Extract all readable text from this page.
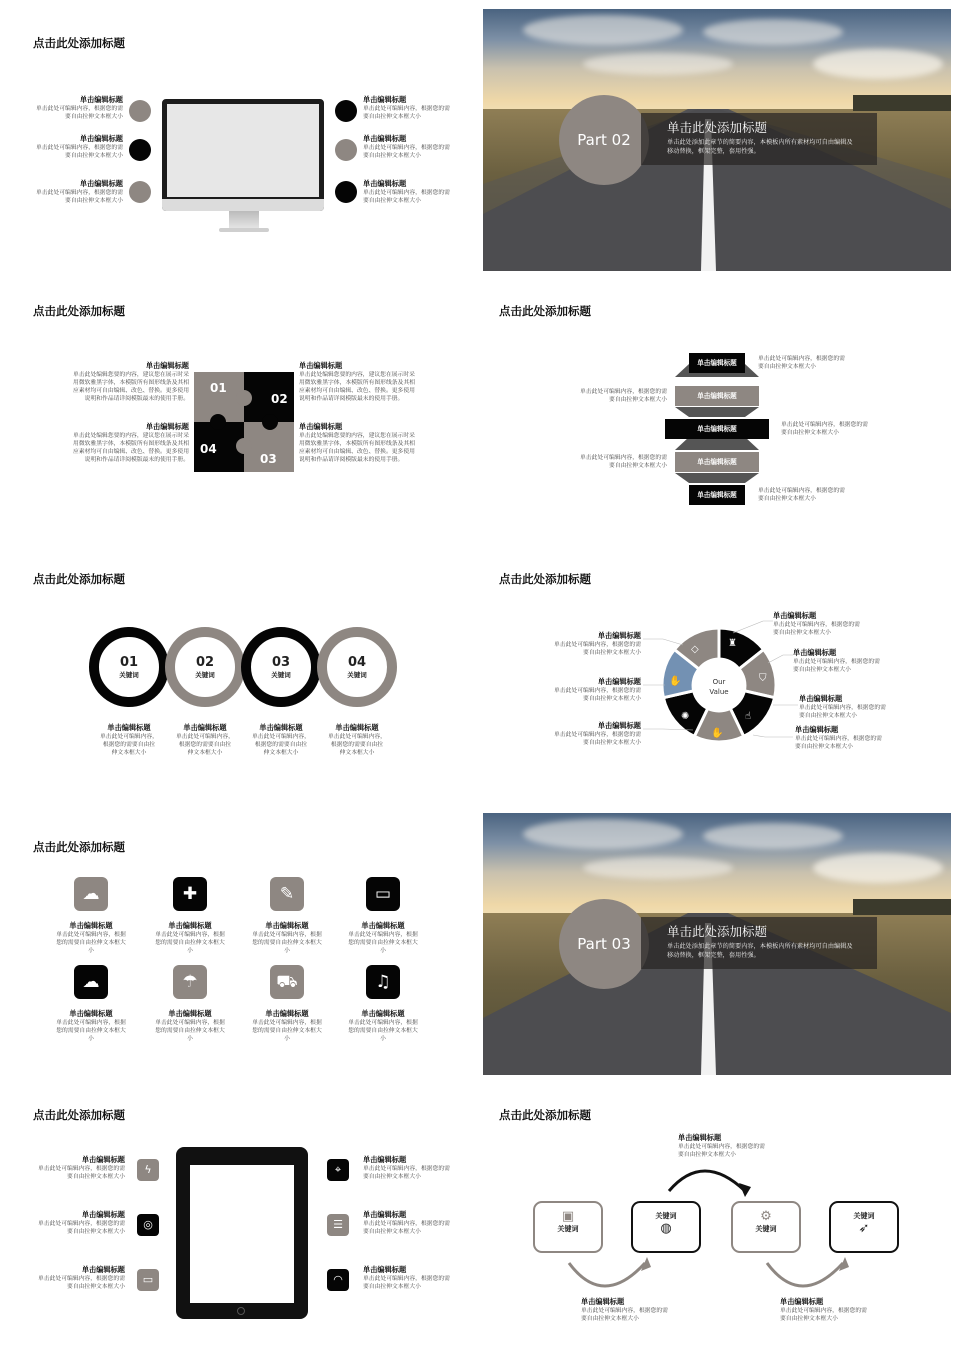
点击此处添加标题
单击编辑标题
单击此处可编辑内容，根据您的需
要自由拉伸文本框大小
单击编辑标题
单击此处可编辑内容，根据您的需
要自由拉伸文本框大小
单击编辑标题
单击此处可编辑内容，根据您的需
要自由拉伸文本框大小
单击编辑标题
单击此处可编辑内容，根据您的需
要自由拉伸文本框大小
单击编辑标题
单击此处可编辑内容，根据您的需
要自由拉伸文本框大小
单击编辑标题
单击此处可编辑内容，根据您的需
要自由拉伸文本框大小
Part 02
单击此处添加标题
单击此处添加此章节的简要内容，本模板内所有素材均可自由编辑及
移动替换，框架完整，套用性强。
点击此处添加标题
单击编辑标题
单击此处编辑您要的内容，建议您在展示时采
用微软雅黑字体，本模版所有图形线条及其相
应素材均可自由编辑、改色、替换。更多使用
说明和作品请详阅模版最末的使用手册。
单击编辑标题
单击此处编辑您要的内容，建议您在展示时采
用微软雅黑字体，本模版所有图形线条及其相
应素材均可自由编辑、改色、替换。更多使用
说明和作品请详阅模版最末的使用手册。
01
02
04
03
单击编辑标题
单击此处编辑您要的内容，建议您在展示时采
用微软雅黑字体，本模版所有图形线条及其相
应素材均可自由编辑、改色、替换。更多使用
说明和作品请详阅模版最末的使用手册。
单击编辑标题
单击此处编辑您要的内容，建议您在展示时采
用微软雅黑字体，本模版所有图形线条及其相
应素材均可自由编辑、改色、替换。更多使用
说明和作品请详阅模版最末的使用手册。
点击此处添加标题
单击编辑标题
单击编辑标题
单击编辑标题
单击编辑标题
单击编辑标题
单击此处可编辑内容，根据您的需
要自由拉伸文本框大小
单击此处可编辑内容，根据您的需
要自由拉伸文本框大小
单击此处可编辑内容，根据您的需
要自由拉伸文本框大小
单击此处可编辑内容，根据您的需
要自由拉伸文本框大小
单击此处可编辑内容，根据您的需
要自由拉伸文本框大小
点击此处添加标题
01
关键词
02
关键词
03
关键词
04
关键词
单击编辑标题
单击此处可编辑内容，
根据您的需要自由拉
伸文本框大小
单击编辑标题
单击此处可编辑内容，
根据您的需要自由拉
伸文本框大小
单击编辑标题
单击此处可编辑内容，
根据您的需要自由拉
伸文本框大小
单击编辑标题
单击此处可编辑内容，
根据您的需要自由拉
伸文本框大小
点击此处添加标题
Our
Value
♜
⛉
☝
✋
✺
✋
◇
单击编辑标题
单击此处可编辑内容，根据您的需
要自由拉伸文本框大小
单击编辑标题
单击此处可编辑内容，根据您的需
要自由拉伸文本框大小
单击编辑标题
单击此处可编辑内容，根据您的需
要自由拉伸文本框大小
单击编辑标题
单击此处可编辑内容，根据您的需
要自由拉伸文本框大小
单击编辑标题
单击此处可编辑内容，根据您的需
要自由拉伸文本框大小
单击编辑标题
单击此处可编辑内容，根据您的需
要自由拉伸文本框大小
单击编辑标题
单击此处可编辑内容，根据您的需
要自由拉伸文本框大小
点击此处添加标题
☁	✚	✎	▭
☁	☂	⛟	♫
单击编辑标题
单击此处可编辑内容，根据
您的需要自由拉伸文本框大
小
单击编辑标题
单击此处可编辑内容，根据
您的需要自由拉伸文本框大
小
单击编辑标题
单击此处可编辑内容，根据
您的需要自由拉伸文本框大
小
单击编辑标题
单击此处可编辑内容，根据
您的需要自由拉伸文本框大
小
单击编辑标题
单击此处可编辑内容，根据
您的需要自由拉伸文本框大
小
单击编辑标题
单击此处可编辑内容，根据
您的需要自由拉伸文本框大
小
单击编辑标题
单击此处可编辑内容，根据
您的需要自由拉伸文本框大
小
单击编辑标题
单击此处可编辑内容，根据
您的需要自由拉伸文本框大
小
Part 03
单击此处添加标题
单击此处添加此章节的简要内容，本模板内所有素材均可自由编辑及
移动替换，框架完整，套用性强。
点击此处添加标题
单击编辑标题
单击此处可编辑内容，根据您的需
要自由拉伸文本框大小
单击编辑标题
单击此处可编辑内容，根据您的需
要自由拉伸文本框大小
单击编辑标题
单击此处可编辑内容，根据您的需
要自由拉伸文本框大小
ϟ
◎
▭
⌖
☰
◠
单击编辑标题
单击此处可编辑内容，根据您的需
要自由拉伸文本框大小
单击编辑标题
单击此处可编辑内容，根据您的需
要自由拉伸文本框大小
单击编辑标题
单击此处可编辑内容，根据您的需
要自由拉伸文本框大小
点击此处添加标题
▣
关键词
关键词
◍
⚙
关键词
关键词
➶
单击编辑标题
单击此处可编辑内容，根据您的需
要自由拉伸文本框大小
单击编辑标题
单击此处可编辑内容，根据您的需
要自由拉伸文本框大小
单击编辑标题
单击此处可编辑内容，根据您的需
要自由拉伸文本框大小
